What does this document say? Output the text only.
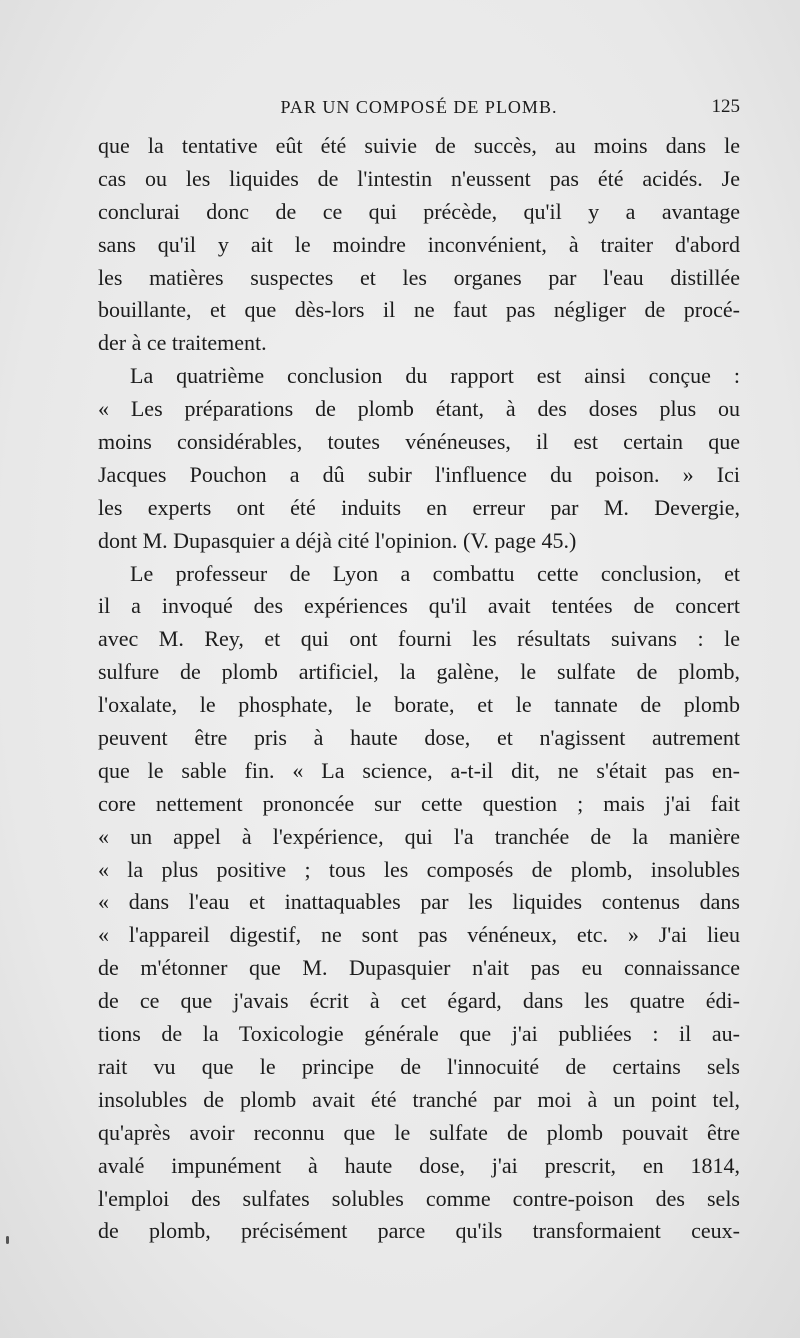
PAR UN COMPOSÉ DE PLOMB.	125
que la tentative eût été suivie de succès, au moins dans le
cas ou les liquides de l'intestin n'eussent pas été acidés. Je
conclurai donc de ce qui précède, qu'il y a avantage
sans qu'il y ait le moindre inconvénient, à traiter d'abord
les matières suspectes et les organes par l'eau distillée
bouillante, et que dès-lors il ne faut pas négliger de procé-
der à ce traitement.
La quatrième conclusion du rapport est ainsi conçue :
« Les préparations de plomb étant, à des doses plus ou
moins considérables, toutes vénéneuses, il est certain que
Jacques Pouchon a dû subir l'influence du poison. » Ici
les experts ont été induits en erreur par M. Devergie,
dont M. Dupasquier a déjà cité l'opinion. (V. page 45.)
Le professeur de Lyon a combattu cette conclusion, et
il a invoqué des expériences qu'il avait tentées de concert
avec M. Rey, et qui ont fourni les résultats suivans : le
sulfure de plomb artificiel, la galène, le sulfate de plomb,
l'oxalate, le phosphate, le borate, et le tannate de plomb
peuvent être pris à haute dose, et n'agissent autrement
que le sable fin. « La science, a-t-il dit, ne s'était pas en-
core nettement prononcée sur cette question ; mais j'ai fait
« un appel à l'expérience, qui l'a tranchée de la manière
« la plus positive ; tous les composés de plomb, insolubles
« dans l'eau et inattaquables par les liquides contenus dans
« l'appareil digestif, ne sont pas vénéneux, etc. » J'ai lieu
de m'étonner que M. Dupasquier n'ait pas eu connaissance
de ce que j'avais écrit à cet égard, dans les quatre édi-
tions de la Toxicologie générale que j'ai publiées : il au-
rait vu que le principe de l'innocuité de certains sels
insolubles de plomb avait été tranché par moi à un point tel,
qu'après avoir reconnu que le sulfate de plomb pouvait être
avalé impunément à haute dose, j'ai prescrit, en 1814,
l'emploi des sulfates solubles comme contre-poison des sels
de plomb, précisément parce qu'ils transformaient ceux-
